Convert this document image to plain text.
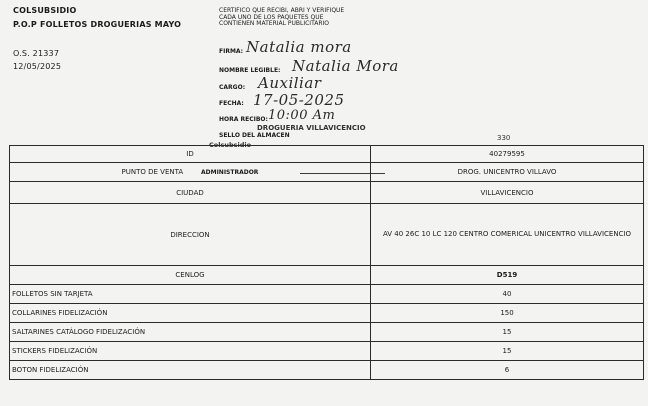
COLSUBSIDIO
P.O.P FOLLETOS DROGUERIAS MAYO
O.S. 21337
12/05/2025
CERTIFICO QUE RECIBI, ABRI Y VERIFIQUE CADA UNO DE LOS PAQUETES QUE CONTIENEN MATERIAL PUBLICITARIO
FIRMA: Natalia mora
NOMBRE LEGIBLE: Natalia Mora
CARGO: Auxiliar
FECHA: 17-05-2025
HORA RECIBO: 10:00 Am
SELLO DEL ALMACEN
DROGUERIA VILLAVICENCIO
Colsubsidio
330
ID	40279595
PUNTO DE VENTA ADMINISTRADOR	DROG. UNICENTRO VILLAVO
CIUDAD	VILLAVICENCIO
DIRECCION	AV 40 26C 10 LC 120 CENTRO COMERICAL UNICENTRO VILLAVICENCIO
CENLOG	D519
FOLLETOS SIN TARJETA	40
COLLARINES FIDELIZACIÓN	150
SALTARINES CATÁLOGO FIDELIZACIÓN	15
STICKERS FIDELIZACIÓN	15
BOTON FIDELIZACIÓN	6
